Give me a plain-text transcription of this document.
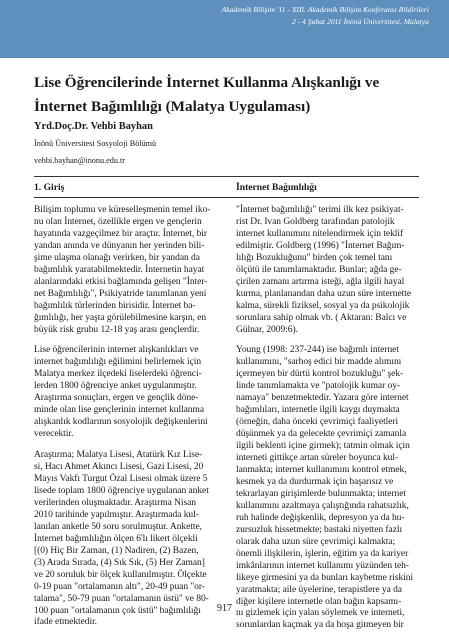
Akademik Bilişim '11 - XIII. Akademik Bilişim Konferansı Bildirileri
2 - 4 Şubat 2011 İnönü Üniversitesi, Malatya
Lise Öğrencilerinde İnternet Kullanma Alışkanlığı ve
İnternet Bağımlılığı (Malatya Uygulaması)
Yrd.Doç.Dr. Vehbi Bayhan
İnönü Üniversitesi Sosyoloji Bölümü
vehbi.bayhan@inonu.edu.tr
1. Giriş	İnternet Bağımlılığı

Bilişim toplumu ve küreselleşmenin temel iko-
nu olan İnternet, özellikle ergen ve gençlerin
hayatında vazgeçilmez bir araçtır. İnternet, bir
yandan anında ve dünyanın her yerinden bili-
şime ulaşma olanağı verirken, bir yandan da
bağımlılık yaratabilmektedir. İnternetin hayat
alanlarındaki etkisi bağlamında gelişen "İnter-
net Bağımlılığı", Psikiyatride tanımlanan yeni
bağımlılık türlerinden birisidir. İnternet ba-
ğımlılığı, her yaşta görülebilmesine karşın, en
büyük risk grubu 12-18 yaş arası gençlerdir.

Lise öğrencilerinin internet alışkanlıkları ve
internet bağımlılığı eğilimini belirlemek için
Malatya merkez ilçedeki liselerdeki öğrenci-
lerden 1800 öğrenciye anket uygulanmıştır.
Araştırma sonuçları, ergen ve gençlik döne-
minde olan lise gençlerinin internet kullanma
alışkanlık kodlarının sosyolojik değişkenlerini
verecektir.

Araştırma; Malatya Lisesi, Atatürk Kız Lise-
si, Hacı Ahmet Akıncı Lisesi, Gazi Lisesi, 20
Mayıs Vakfı Turgut Özal Lisesi olmak üzere 5
lisede toplam 1800 öğrenciye uygulanan anket
verilerinden oluşmaktadır. Araştırma Nisan
2010 tarihinde yapılmıştır. Araştırmada kul-
lanılan anketle 50 soru sorulmuştur. Ankette,
İnternet bağımlılığın ölçen 6'lı likert ölçekli
[(0) Hiç Bir Zaman, (1) Nadiren, (2) Bazen,
(3) Arada Sırada, (4) Sık Sık, (5) Her Zaman]
ve 20 soruluk bir ölçek kullanılmıştır. Ölçekte
0-19 puan "ortalamanın altı", 20-49 puan "or-
talama", 50-79 puan "ortalamanın üstü" ve 80-
100 puan "ortalamanın çok üstü" bağımlılığı
ifade etmektedir.

"İnternet bağımlılığı" terimi ilk kez psikiyat-
rist Dr. Ivan Goldberg tarafından patolojik
internet kullanımını nitelendirmek için teklif
edilmiştir. Goldberg (1996) "İnternet Bağım-
lılığı Bozukluğunu" birden çok temel tanı
ölçütü ile tanımlamaktadır. Bunlar; ağda ge-
çirilen zamanı artırma isteği, ağla ilgili hayal
kurma, planlanandan daha uzun süre internette
kalma, sürekli fiziksel, sosyal ya da psikolojik
sorunlara sahip olmak vb. ( Aktaran: Balcı ve
Gülnar, 2009:6).

Young (1998: 237-244) ise bağımlı internet
kullanımını, "sarhoş edici bir madde alımını
içermeyen bir dürtü kontrol bozukluğu" şek-
linde tanımlamakta ve "patolojik kumar oy-
namaya" benzetmektedir. Yazara göre internet
bağımlıları, internetle ilgili kaygı duymakta
(örneğin, daha önceki çevrimiçi faaliyetleri
düşünmek ya da gelecekte çevrimiçi zamanla
ilgili beklenti içine girmek); tatmin olmak için
interneti gittikçe artan süreler boyunca kul-
lanmakta; internet kullanımını kontrol etmek,
kesmek ya da durdurmak için başarısız ve
tekrarlayan girişimlerde bulunmakta; internet
kullanımını azaltmaya çalıştığında rahatsızlık,
ruh halinde değişkenlik, depresyon ya da hu-
zursuzluk hissetmekte; bastaki niyetten fazlı
olarak daha uzun süre çevrimiçi kalmakta;
önemli ilişkilerin, işlerin, eğitim ya da kariyer
imkânlarının internet kullanımı yüzünden teh-
likeye girmesini ya da bunları kaybetme riskini
yaratmakta; aile üyelerine, terapistlere ya da
diğer kişilere internetle olan bağın kapsamı-
nı gizlemek için yalan söylemek ve interneti,
sorunlardan kaçmak ya da hoşa gitmeyen bir

917
